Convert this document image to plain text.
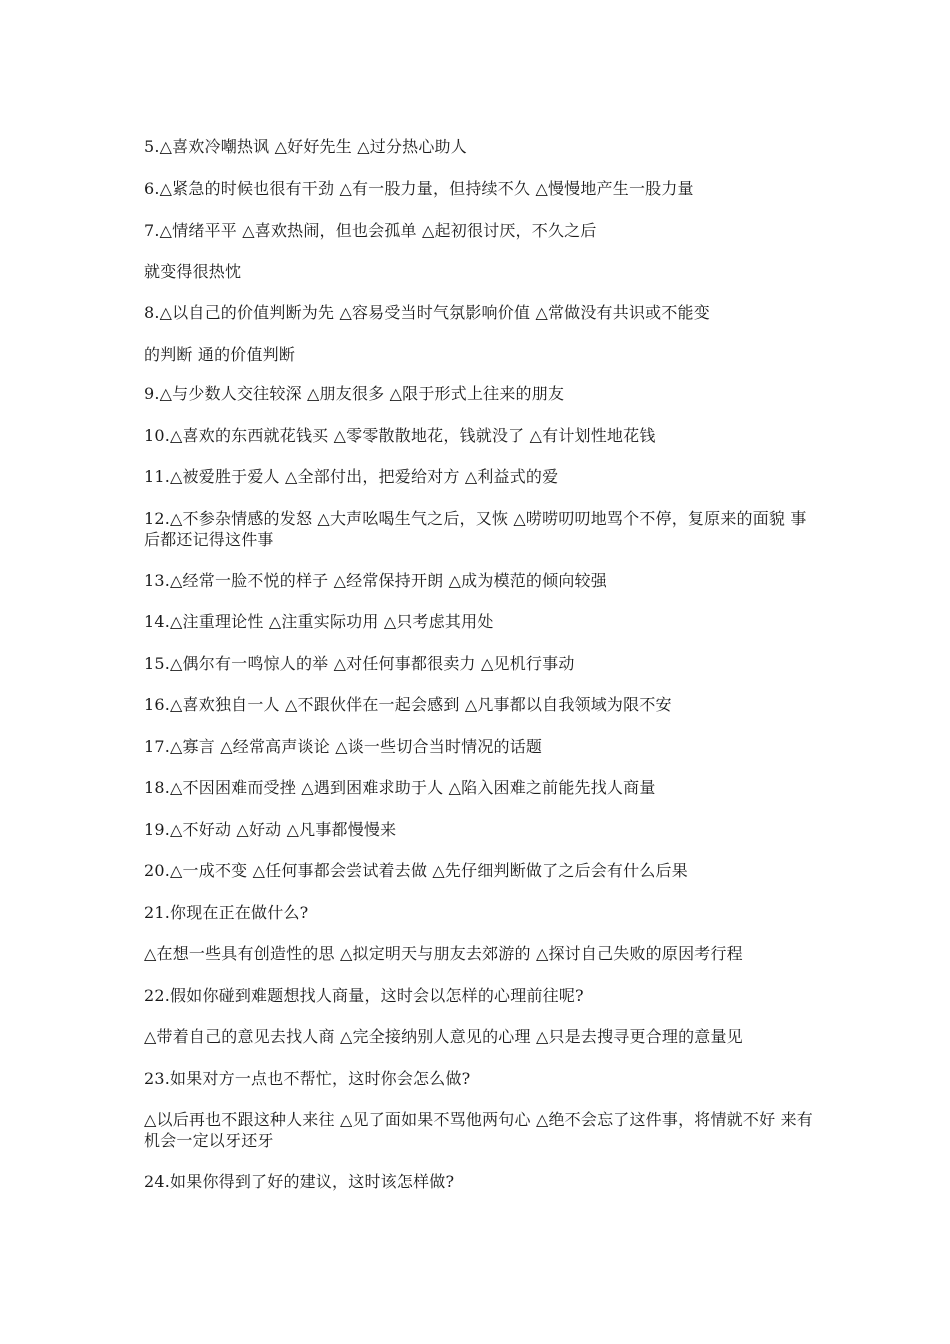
5.△喜欢冷嘲热讽 △好好先生 △过分热心助人
6.△紧急的时候也很有干劲 △有一股力量，但持续不久 △慢慢地产生一股力量
7.△情绪平平 △喜欢热闹，但也会孤单 △起初很讨厌，不久之后
就变得很热忱
8.△以自己的价值判断为先 △容易受当时气氛影响价值 △常做没有共识或不能变
的判断 通的价值判断
9.△与少数人交往较深 △朋友很多 △限于形式上往来的朋友
10.△喜欢的东西就花钱买 △零零散散地花，钱就没了 △有计划性地花钱
11.△被爱胜于爱人 △全部付出，把爱给对方 △利益式的爱
12.△不参杂情感的发怒 △大声吆喝生气之后，又恢 △唠唠叨叨地骂个不停，复原来的面貌 事后都还记得这件事
13.△经常一脸不悦的样子 △经常保持开朗 △成为模范的倾向较强
14.△注重理论性 △注重实际功用 △只考虑其用处
15.△偶尔有一鸣惊人的举 △对任何事都很卖力 △见机行事动
16.△喜欢独自一人 △不跟伙伴在一起会感到 △凡事都以自我领域为限不安
17.△寡言 △经常高声谈论 △谈一些切合当时情况的话题
18.△不因困难而受挫 △遇到困难求助于人 △陷入困难之前能先找人商量
19.△不好动 △好动 △凡事都慢慢来
20.△一成不变 △任何事都会尝试着去做 △先仔细判断做了之后会有什么后果
21.你现在正在做什么?
△在想一些具有创造性的思 △拟定明天与朋友去郊游的 △探讨自己失败的原因考行程
22.假如你碰到难题想找人商量，这时会以怎样的心理前往呢?
△带着自己的意见去找人商 △完全接纳别人意见的心理 △只是去搜寻更合理的意量见
23.如果对方一点也不帮忙，这时你会怎么做?
△以后再也不跟这种人来往 △见了面如果不骂他两句心 △绝不会忘了这件事，将情就不好 来有机会一定以牙还牙
24.如果你得到了好的建议，这时该怎样做?
